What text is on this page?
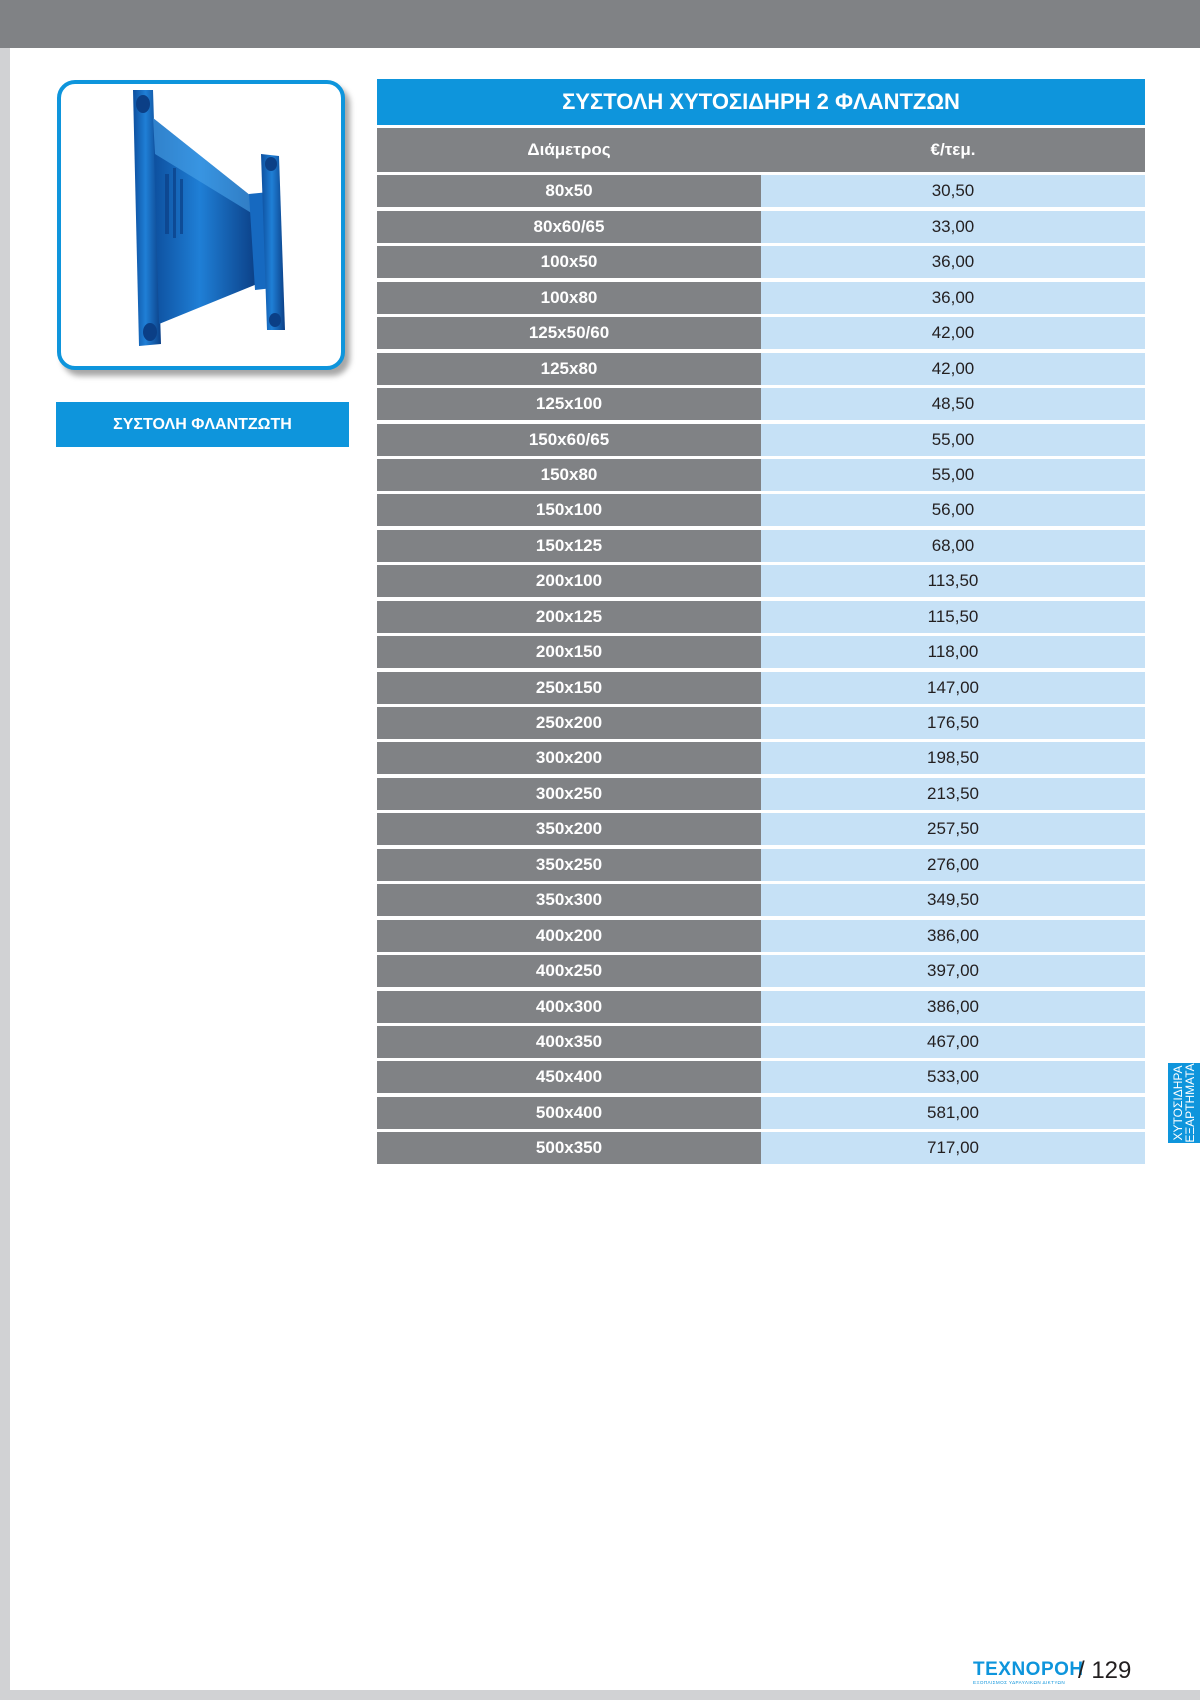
ΣΥΣΤΟΛΗ ΦΛΑΝΤΖΩΤΗ
ΣΥΣΤΟΛΗ ΧΥΤΟΣΙΔΗΡΗ 2 ΦΛΑΝΤΖΩΝ
Διάμετρος	€/τεμ.
80x50	30,50
80x60/65	33,00
100x50	36,00
100x80	36,00
125x50/60	42,00
125x80	42,00
125x100	48,50
150x60/65	55,00
150x80	55,00
150x100	56,00
150x125	68,00
200x100	113,50
200x125	115,50
200x150	118,00
250x150	147,00
250x200	176,50
300x200	198,50
300x250	213,50
350x200	257,50
350x250	276,00
350x300	349,50
400x200	386,00
400x250	397,00
400x300	386,00
400x350	467,00
450x400	533,00
500x400	581,00
500x350	717,00
ΧΥΤΟΣΙΔΗΡΑ
ΕΞΑΡΤΗΜΑΤΑ
ΤΕΧΝΟΡΟΗ
ΕΞΟΠΛΙΣΜΟΣ ΥΔΡΑΥΛΙΚΩΝ ΔΙΚΤΥΩΝ / 129
